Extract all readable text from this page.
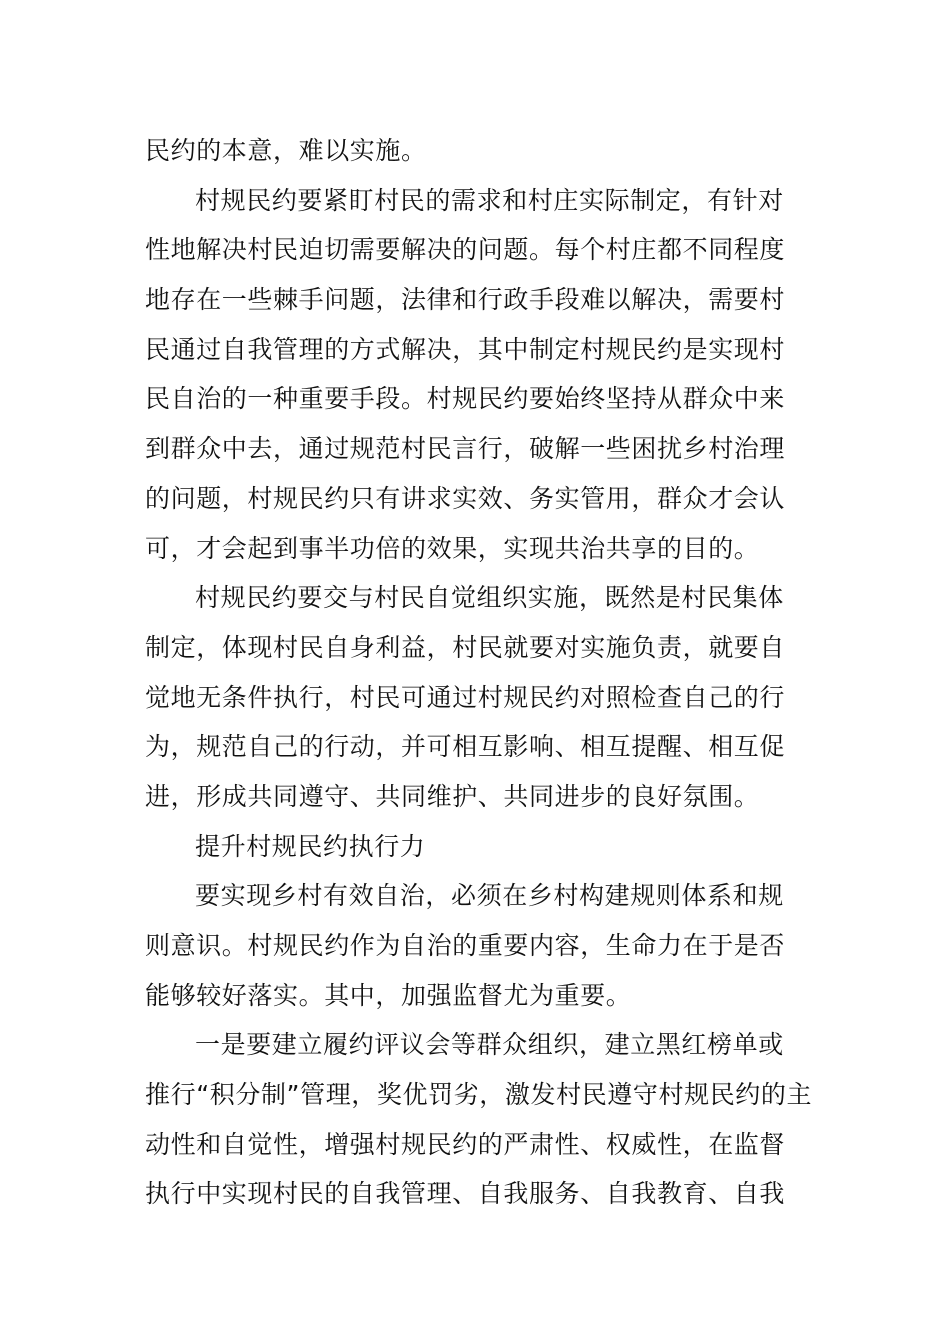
民约的本意，难以实施。
村规民约要紧盯村民的需求和村庄实际制定，有针对
性地解决村民迫切需要解决的问题。每个村庄都不同程度
地存在一些棘手问题，法律和行政手段难以解决，需要村
民通过自我管理的方式解决，其中制定村规民约是实现村
民自治的一种重要手段。村规民约要始终坚持从群众中来
到群众中去，通过规范村民言行，破解一些困扰乡村治理
的问题，村规民约只有讲求实效、务实管用，群众才会认
可，才会起到事半功倍的效果，实现共治共享的目的。
村规民约要交与村民自觉组织实施，既然是村民集体
制定，体现村民自身利益，村民就要对实施负责，就要自
觉地无条件执行，村民可通过村规民约对照检查自己的行
为，规范自己的行动，并可相互影响、相互提醒、相互促
进，形成共同遵守、共同维护、共同进步的良好氛围。
提升村规民约执行力
要实现乡村有效自治，必须在乡村构建规则体系和规
则意识。村规民约作为自治的重要内容，生命力在于是否
能够较好落实。其中，加强监督尤为重要。
一是要建立履约评议会等群众组织，建立黑红榜单或
推行“积分制”管理，奖优罚劣，激发村民遵守村规民约的主
动性和自觉性，增强村规民约的严肃性、权威性，在监督
执行中实现村民的自我管理、自我服务、自我教育、自我
